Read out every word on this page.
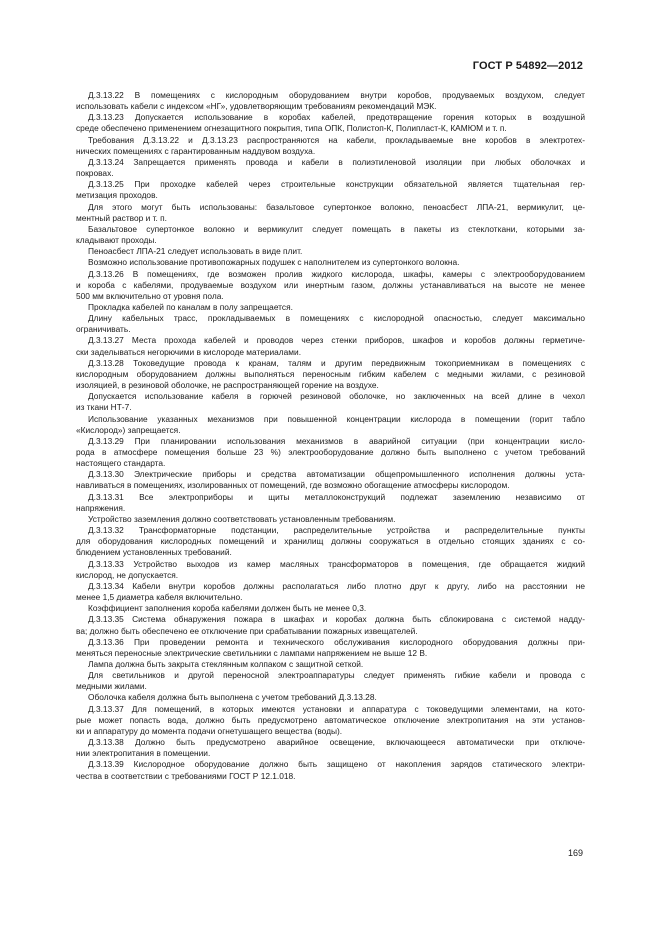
ГОСТ Р 54892—2012
Д.3.13.22 В помещениях с кислородным оборудованием внутри коробов, продуваемых воздухом, следует
использовать кабели с индексом «НГ», удовлетворяющим требованиям рекомендаций МЭК.
Д.3.13.23 Допускается использование в коробах кабелей, предотвращение горения которых в воздушной
среде обеспечено применением огнезащитного покрытия, типа ОПК, Полистоп-К, Полипласт-К, КАМЮМ и т. п.
Требования Д.3.13.22 и Д.3.13.23 распространяются на кабели, прокладываемые вне коробов в электротех-
нических помещениях с гарантированным наддувом воздуха.
Д.3.13.24 Запрещается применять провода и кабели в полиэтиленовой изоляции при любых оболочках и
покровах.
Д.3.13.25 При проходке кабелей через строительные конструкции обязательной является тщательная гер-
метизация проходов.
Для этого могут быть использованы: базальтовое супертонкое волокно, пеноасбест ЛПА-21, вермикулит, це-
ментный раствор и т. п.
Базальтовое супертонкое волокно и вермикулит следует помещать в пакеты из стеклоткани, которыми за-
кладывают проходы.
Пеноасбест ЛПА-21 следует использовать в виде плит.
Возможно использование противопожарных подушек с наполнителем из супертонкого волокна.
Д.3.13.26 В помещениях, где возможен пролив жидкого кислорода, шкафы, камеры с электрооборудованием
и короба с кабелями, продуваемые воздухом или инертным газом, должны устанавливаться на высоте не менее
500 мм включительно от уровня пола.
Прокладка кабелей по каналам в полу запрещается.
Длину кабельных трасс, прокладываемых в помещениях с кислородной опасностью, следует максимально
ограничивать.
Д.3.13.27 Места прохода кабелей и проводов через стенки приборов, шкафов и коробов должны герметиче-
ски заделываться негорючими в кислороде материалами.
Д.3.13.28 Токоведущие провода к кранам, талям и другим передвижным токоприемникам в помещениях с
кислородным оборудованием должны выполняться переносным гибким кабелем с медными жилами, с резиновой
изоляцией, в резиновой оболочке, не распространяющей горение на воздухе.
Допускается использование кабеля в горючей резиновой оболочке, но заключенных на всей длине в чехол
из ткани НТ-7.
Использование указанных механизмов при повышенной концентрации кислорода в помещении (горит табло
«Кислород») запрещается.
Д.3.13.29 При планировании использования механизмов в аварийной ситуации (при концентрации кисло-
рода в атмосфере помещения больше 23 %) электрооборудование должно быть выполнено с учетом требований
настоящего стандарта.
Д.3.13.30 Электрические приборы и средства автоматизации общепромышленного исполнения должны уста-
навливаться в помещениях, изолированных от помещений, где возможно обогащение атмосферы кислородом.
Д.3.13.31 Все электроприборы и щиты металлоконструкций подлежат заземлению независимо от
напряжения.
Устройство заземления должно соответствовать установленным требованиям.
Д.3.13.32 Трансформаторные подстанции, распределительные устройства и распределительные пункты
для оборудования кислородных помещений и хранилищ должны сооружаться в отдельно стоящих зданиях с со-
блюдением установленных требований.
Д.3.13.33 Устройство выходов из камер масляных трансформаторов в помещения, где обращается жидкий
кислород, не допускается.
Д.3.13.34 Кабели внутри коробов должны располагаться либо плотно друг к другу, либо на расстоянии не
менее 1,5 диаметра кабеля включительно.
Коэффициент заполнения короба кабелями должен быть не менее 0,3.
Д.3.13.35 Система обнаружения пожара в шкафах и коробах должна быть сблокирована с системой надду-
ва; должно быть обеспечено ее отключение при срабатывании пожарных извещателей.
Д.3.13.36 При проведении ремонта и технического обслуживания кислородного оборудования должны при-
меняться переносные электрические светильники с лампами напряжением не выше 12 В.
Лампа должна быть закрыта стеклянным колпаком с защитной сеткой.
Для светильников и другой переносной электроаппаратуры следует применять гибкие кабели и провода с
медными жилами.
Оболочка кабеля должна быть выполнена с учетом требований Д.3.13.28.
Д.3.13.37 Для помещений, в которых имеются установки и аппаратура с токоведущими элементами, на кото-
рые может попасть вода, должно быть предусмотрено автоматическое отключение электропитания на эти установ-
ки и аппаратуру до момента подачи огнетушащего вещества (воды).
Д.3.13.38 Должно быть предусмотрено аварийное освещение, включающееся автоматически при отключе-
нии электропитания в помещении.
Д.3.13.39 Кислородное оборудование должно быть защищено от накопления зарядов статического электри-
чества в соответствии с требованиями ГОСТ Р 12.1.018.
169
